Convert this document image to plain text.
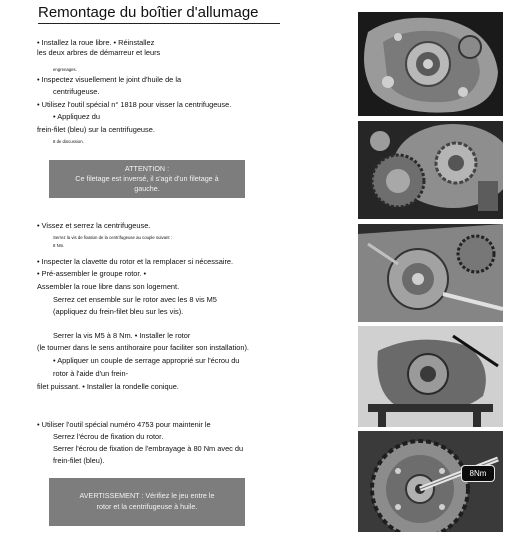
Remontage du boîtier d'allumage
• Installez la roue libre. • Réinstallez
les deux arbres de démarreur et leurs
engrenages.
• Inspectez visuellement le joint d'huile de la
centrifugeuse.
• Utilisez l'outil spécial n° 1818 pour visser la centrifugeuse.
• Appliquez du
frein-filet (bleu) sur la centrifugeuse.
8 de discussion.
ATTENTION :
Ce filetage est inversé, il s'agit d'un filetage à
gauche.
• Vissez et serrez la centrifugeuse.
Serrez la vis de fixation de la centrifugeuse au couple suivant :
8 Nm.
• Inspecter la clavette du rotor et la remplacer si nécessaire.
• Pré-assembler le groupe rotor. •
Assembler la roue libre dans son logement.
Serrez cet ensemble sur le rotor avec les 8 vis M5
(appliquez du frein-filet bleu sur les vis).
Serrer la vis M5 à 8 Nm. • Installer le rotor
(le tourner dans le sens antihoraire pour faciliter son installation).
• Appliquer un couple de serrage approprié sur l'écrou du
rotor à l'aide d'un frein-
filet puissant. • Installer la rondelle conique.
• Utiliser l'outil spécial numéro 4753 pour maintenir le
Serrez l'écrou de fixation du rotor.
Serrer l'écrou de fixation de l'embrayage à 80 Nm avec du
frein-filet (bleu).
AVERTISSEMENT : Vérifiez le jeu entre le
rotor et la centrifugeuse à huile.
8Nm
